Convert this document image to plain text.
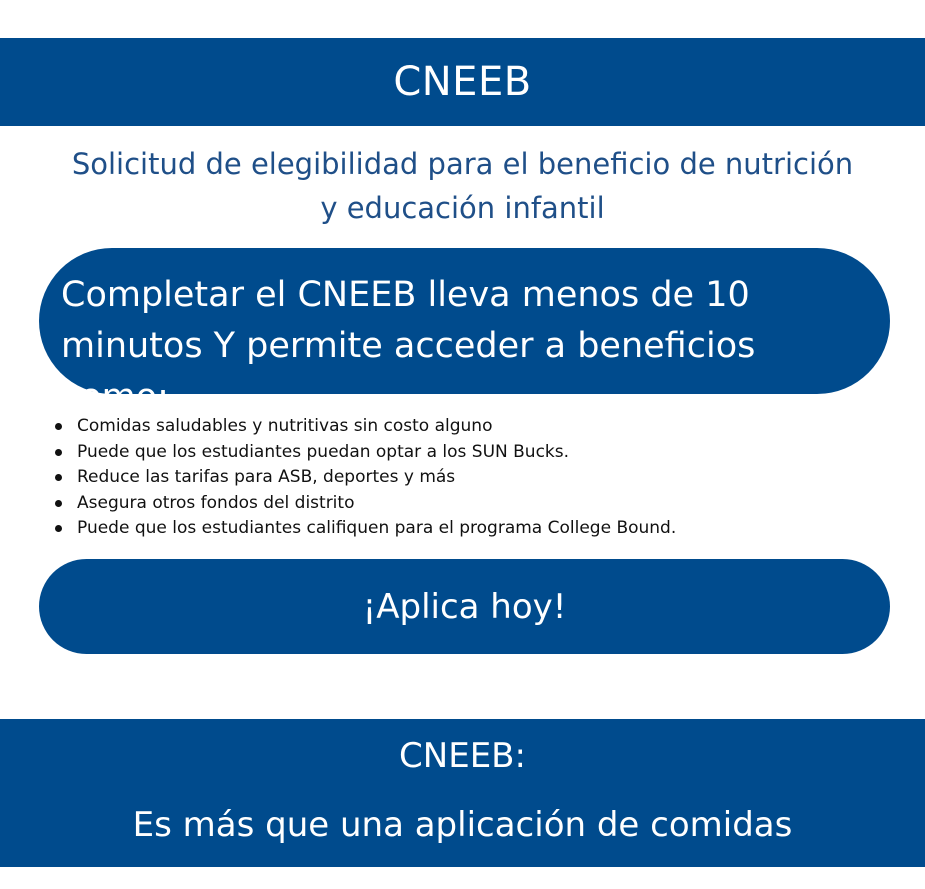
CNEEB
Solicitud de elegibilidad para el beneficio de nutrición y educación infantil
Completar el CNEEB lleva menos de 10 minutos Y permite acceder a beneficios como:
Comidas saludables y nutritivas sin costo alguno
Puede que los estudiantes puedan optar a los SUN Bucks.
Reduce las tarifas para ASB, deportes y más
Asegura otros fondos del distrito
Puede que los estudiantes califiquen para el programa College Bound.
¡Aplica hoy!
CNEEB:
Es más que una aplicación de comidas
